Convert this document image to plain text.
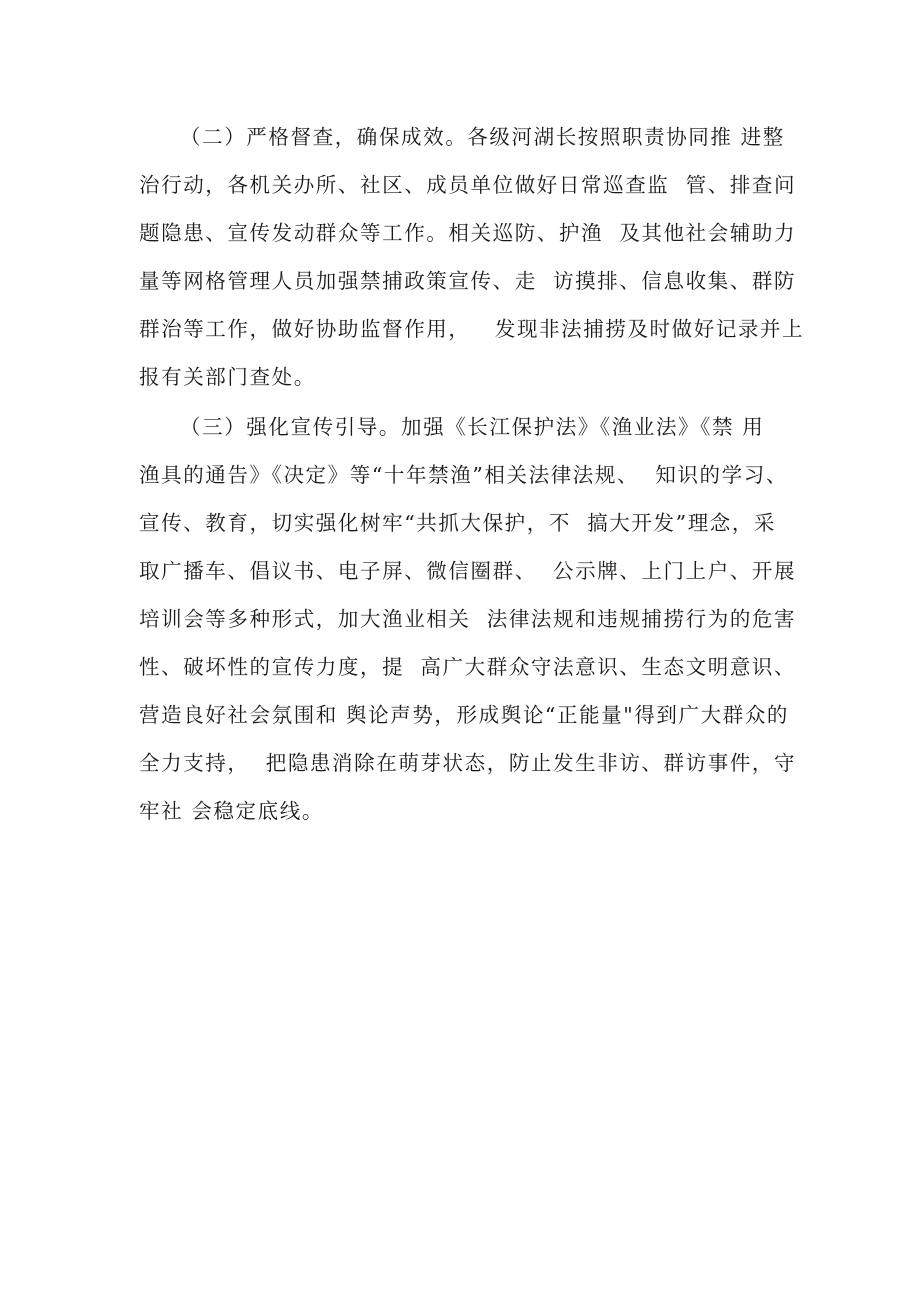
（二）严格督查，确保成效。各级河湖长按照职责协同推 进整
治行动，各机关办所、社区、成员单位做好日常巡查监  管、排查问
题隐患、宣传发动群众等工作。相关巡防、护渔  及其他社会辅助力
量等网格管理人员加强禁捕政策宣传、走  访摸排、信息收集、群防
群治等工作，做好协助监督作用，   发现非法捕捞及时做好记录并上
报有关部门查处。
（三）强化宣传引导。加强《长江保护法》《渔业法》《禁 用
渔具的通告》《决定》等“十年禁渔”相关法律法规、  知识的学习、
宣传、教育，切实强化树牢“共抓大保护，不  搞大开发”理念，采
取广播车、倡议书、电子屏、微信圈群、  公示牌、上门上户、开展
培训会等多种形式，加大渔业相关  法律法规和违规捕捞行为的危害
性、破坏性的宣传力度，提  高广大群众守法意识、生态文明意识、
营造良好社会氛围和 舆论声势，形成舆论“正能量"得到广大群众的
全力支持，  把隐患消除在萌芽状态，防止发生非访、群访事件，守
牢社 会稳定底线。
